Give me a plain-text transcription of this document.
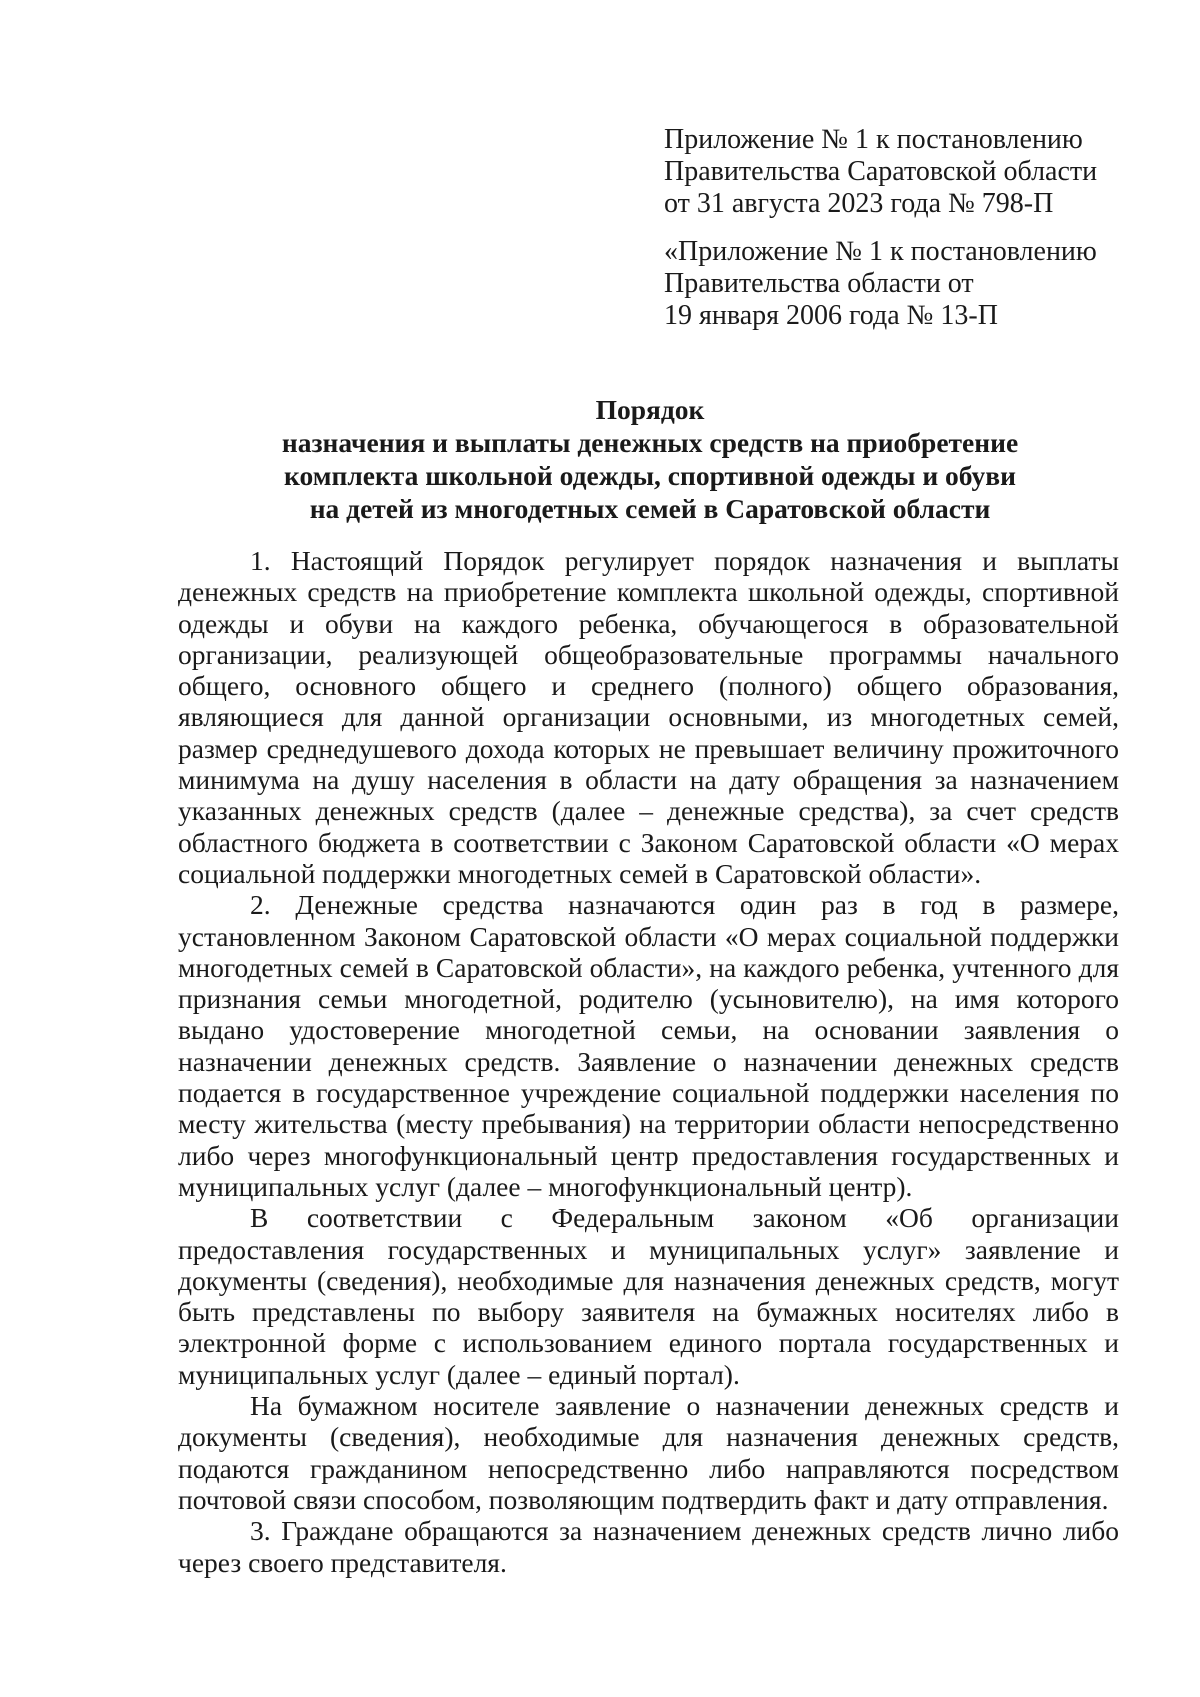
Приложение № 1 к постановлению
Правительства Саратовской области
от 31 августа 2023 года № 798-П
«Приложение № 1 к постановлению
Правительства области от
19 января 2006 года № 13-П
Порядок
назначения и выплаты денежных средств на приобретение
комплекта школьной одежды, спортивной одежды и обуви
на детей из многодетных семей в Саратовской области

1. Настоящий Порядок регулирует порядок назначения и выплаты денежных средств на приобретение комплекта школьной одежды, спортивной одежды и обуви на каждого ребенка, обучающегося в образовательной организации, реализующей общеобразовательные программы начального общего, основного общего и среднего (полного) общего образования, являющиеся для данной организации основными, из многодетных семей, размер среднедушевого дохода которых не превышает величину прожиточного минимума на душу населения в области на дату обращения за назначением указанных денежных средств (далее – денежные средства), за счет средств областного бюджета в соответствии с Законом Саратовской области «О мерах социальной поддержки многодетных семей в Саратовской области».

2. Денежные средства назначаются один раз в год в размере, установленном Законом Саратовской области «О мерах социальной поддержки многодетных семей в Саратовской области», на каждого ребенка, учтенного для признания семьи многодетной, родителю (усыновителю), на имя которого выдано удостоверение многодетной семьи, на основании заявления о назначении денежных средств. Заявление о назначении денежных средств подается в государственное учреждение социальной поддержки населения по месту жительства (месту пребывания) на территории области непосредственно либо через многофункциональный центр предоставления государственных и муниципальных услуг (далее – многофункциональный центр).

В соответствии с Федеральным законом «Об организации предоставления государственных и муниципальных услуг» заявление и документы (сведения), необходимые для назначения денежных средств, могут быть представлены по выбору заявителя на бумажных носителях либо в электронной форме с использованием единого портала государственных и муниципальных услуг (далее – единый портал).

На бумажном носителе заявление о назначении денежных средств и документы (сведения), необходимые для назначения денежных средств, подаются гражданином непосредственно либо направляются посредством почтовой связи способом, позволяющим подтвердить факт и дату отправления.

3. Граждане обращаются за назначением денежных средств лично либо через своего представителя.
